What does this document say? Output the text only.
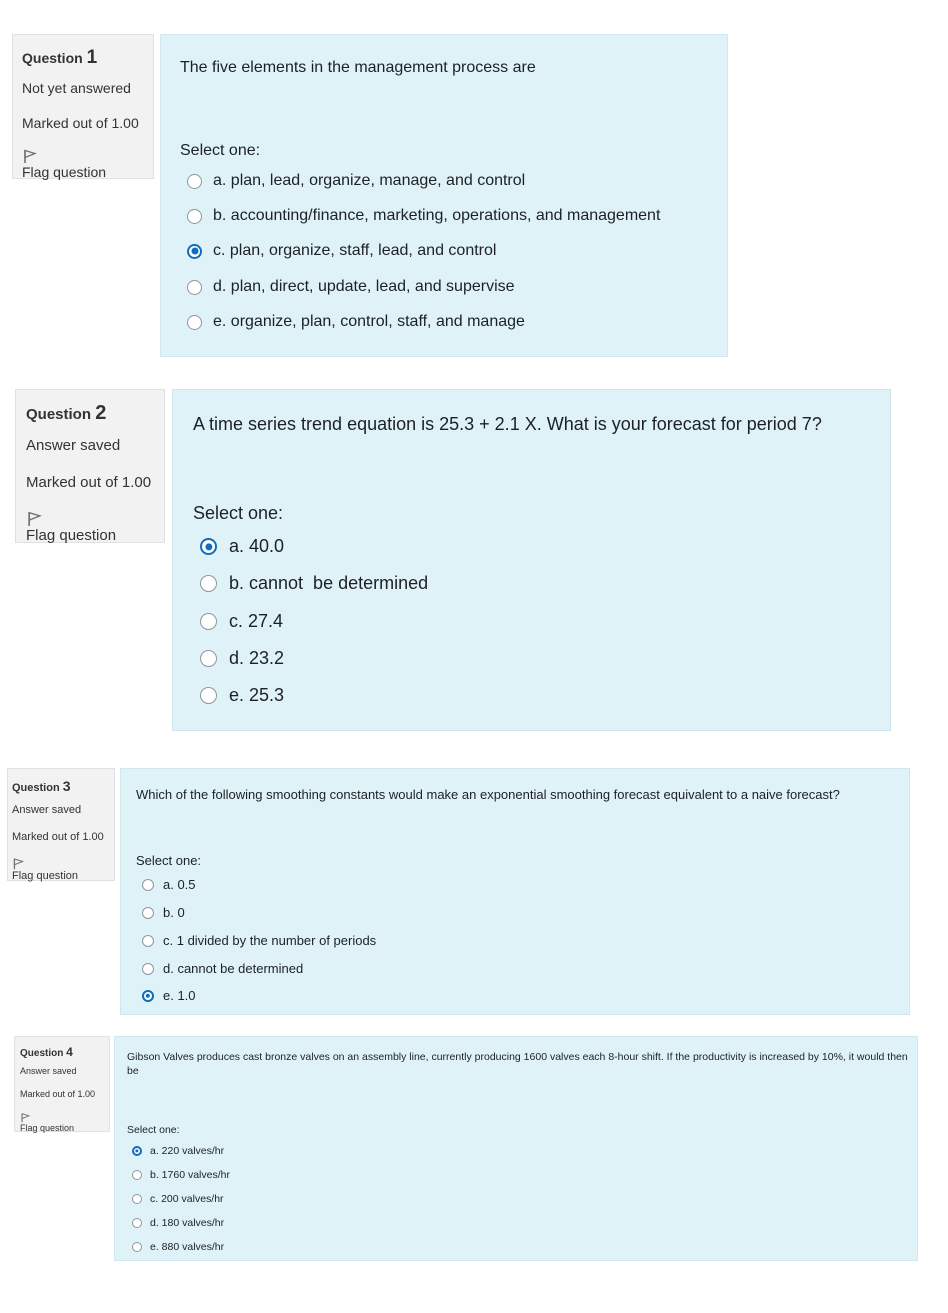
Question 1
Not yet answered
Marked out of 1.00
Flag question
The five elements in the management process are
Select one:
a. plan, lead, organize, manage, and control
b. accounting/finance, marketing, operations, and management
c. plan, organize, staff, lead, and control
d. plan, direct, update, lead, and supervise
e. organize, plan, control, staff, and manage
Question 2
Answer saved
Marked out of 1.00
Flag question
A time series trend equation is 25.3 + 2.1 X. What is your forecast for period 7?
Select one:
a. 40.0
b. cannot  be determined
c. 27.4
d. 23.2
e. 25.3
Question 3
Answer saved
Marked out of 1.00
Flag question
Which of the following smoothing constants would make an exponential smoothing forecast equivalent to a naive forecast?
Select one:
a. 0.5
b. 0
c. 1 divided by the number of periods
d. cannot be determined
e. 1.0
Question 4
Answer saved
Marked out of 1.00
Flag question
Gibson Valves produces cast bronze valves on an assembly line, currently producing 1600 valves each 8-hour shift. If the productivity is increased by 10%, it would then be
Select one:
a. 220 valves/hr
b. 1760 valves/hr
c. 200 valves/hr
d. 180 valves/hr
e. 880 valves/hr
